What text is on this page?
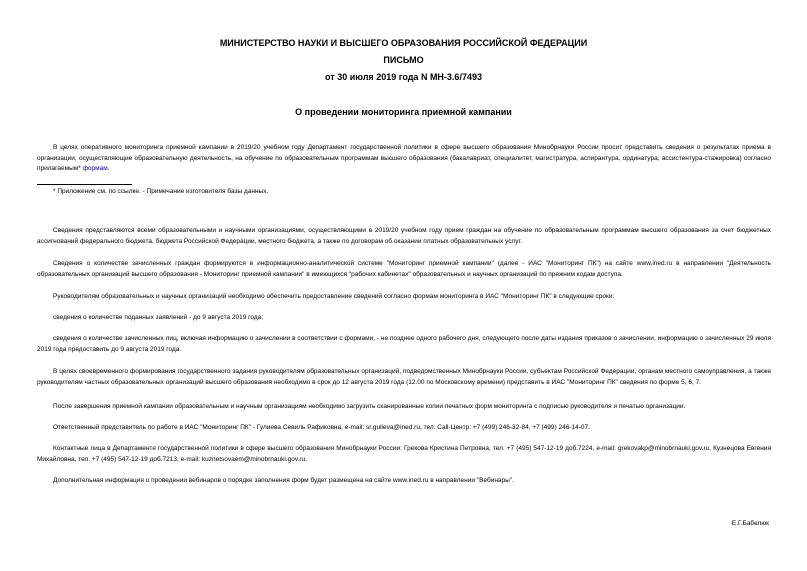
МИНИСТЕРСТВО НАУКИ И ВЫСШЕГО ОБРАЗОВАНИЯ РОССИЙСКОЙ ФЕДЕРАЦИИ
ПИСЬМО
от 30 июля 2019 года N МН-3.6/7493
О проведении мониторинга приемной кампании
В целях оперативного мониторинга приемной кампании в 2019/20 учебном году Департамент государственной политики в сфере высшего образования Минобрнауки России просит представить сведения о результатах приема в организации, осуществляющие образовательную деятельность, на обучение по образовательным программам высшего образования (бакалавриат, специалитет, магистратура, аспирантура, ординатура, ассистентура-стажировка) согласно прилагаемым* формам.
* Приложение см. по ссылке. - Примечание изготовителя базы данных.
Сведения представляются всеми образовательными и научными организациями, осуществляющими в 2019/20 учебном году прием граждан на обучение по образовательным программам высшего образования за счет бюджетных ассигнований федерального бюджета, бюджета Российской Федерации, местного бюджета, а также по договорам об оказании платных образовательных услуг.
Сведения о количестве зачисленных граждан формируются в информационно-аналитической системе "Мониторинг приемной кампании" (далее - ИАС "Мониторинг ПК") на сайте www.ined.ru в направлении "Деятельность образовательных организаций высшего образования - Мониторинг приемной кампании" в имеющихся "рабочих кабинетах" образовательных и научных организаций по прежним кодам доступа.
Руководителям образовательных и научных организаций необходимо обеспечить предоставление сведений согласно формам мониторинга в ИАС "Мониторинг ПК" в следующие сроки:
сведения о количестве поданных заявлений - до 9 августа 2019 года;
сведения о количестве зачисленных лиц, включая информацию о зачислении в соответствии с формами, - не позднее одного рабочего дня, следующего после даты издания приказов о зачислении, информацию о зачисленных 29 июля 2019 года предоставить до 9 августа 2019 года.
В целях своевременного формирования государственного задания руководителям образовательных организаций, подведомственных Минобрнауки России, субъектам Российской Федерации, органам местного самоуправления, а также руководителям частных образовательных организаций высшего образования необходимо в срок до 12 августа 2019 года (12.00 по Московскому времени) представить в ИАС "Мониторинг ПК" сведения по форме 5, 6, 7.
После завершения приемной кампании образовательным и научным организациям необходимо загрузить сканированные копии печатных форм мониторинга с подписью руководителя и печатью организации.
Ответственный представитель по работе в ИАС "Мониторинг ПК" - Гулиева Севиль Рафиковна, e-mail: sr.gulieva@ined.ru, тел. Call-Центр: +7 (499) 246-32-84, +7 (499) 246-14-07.
Контактные лица в Департаменте государственной политики в сфере высшего образования Минобрнауки России: Грекова Кристина Петровна, тел. +7 (495) 547-12-19 доб.7224, e-mail: grekovakp@minobrnauki.gov.ru, Кузнецова Евгения Михайловна, тел. +7 (495) 547-12-19 доб.7213, e-mail: kuznetsovaem@minobrnauki.gov.ru.
Дополнительная информация о проведении вебинаров о порядке заполнения форм будет размещена на сайте www.ined.ru в направлении "Вебинары".
Е.Г.Бабелюк
